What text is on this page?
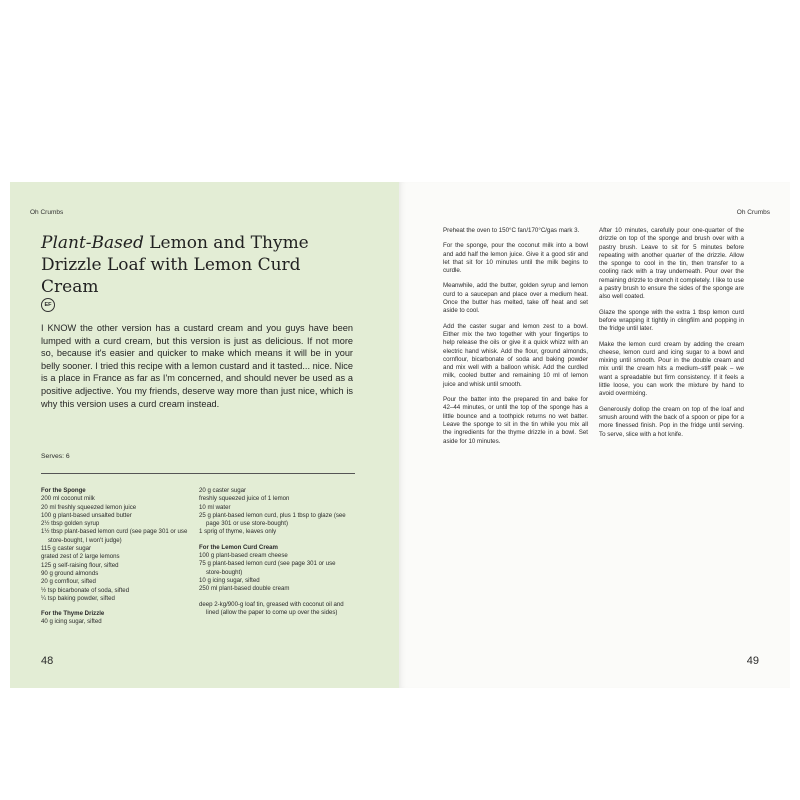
Oh Crumbs
Plant-Based Lemon and Thyme Drizzle Loaf with Lemon Curd Cream
EF

I KNOW the other version has a custard cream and you guys have been lumped with a curd cream, but this version is just as delicious. If not more so, because it's easier and quicker to make which means it will be in your belly sooner. I tried this recipe with a lemon custard and it tasted... nice. Nice is a place in France as far as I'm concerned, and should never be used as a positive adjective. You my friends, deserve way more than just nice, which is why this version uses a curd cream instead.

Serves: 6
For the Sponge
200 ml coconut milk
20 ml freshly squeezed lemon juice
100 g plant-based unsalted butter
2½ tbsp golden syrup
1½ tbsp plant-based lemon curd (see page 301 or use store-bought, I won't judge)
115 g caster sugar
grated zest of 2 large lemons
125 g self-raising flour, sifted
90 g ground almonds
20 g cornflour, sifted
½ tsp bicarbonate of soda, sifted
¼ tsp baking powder, sifted
For the Thyme Drizzle
40 g icing sugar, sifted
20 g caster sugar
freshly squeezed juice of 1 lemon
10 ml water
25 g plant-based lemon curd, plus 1 tbsp to glaze (see page 301 or use store-bought)
1 sprig of thyme, leaves only
For the Lemon Curd Cream
100 g plant-based cream cheese
75 g plant-based lemon curd (see page 301 or use store-bought)
10 g icing sugar, sifted
250 ml plant-based double cream
deep 2-kg/900-g loaf tin, greased with coconut oil and lined (allow the paper to come up over the sides)
48
Oh Crumbs

Preheat the oven to 150°C fan/170°C/gas mark 3.

For the sponge, pour the coconut milk into a bowl and add half the lemon juice. Give it a good stir and let that sit for 10 minutes until the milk begins to curdle.

Meanwhile, add the butter, golden syrup and lemon curd to a saucepan and place over a medium heat. Once the butter has melted, take off heat and set aside to cool.

Add the caster sugar and lemon zest to a bowl. Either mix the two together with your fingertips to help release the oils or give it a quick whizz with an electric hand whisk. Add the flour, ground almonds, cornflour, bicarbonate of soda and baking powder and mix well with a balloon whisk. Add the curdled milk, cooled butter and remaining 10 ml of lemon juice and whisk until smooth.

Pour the batter into the prepared tin and bake for 42–44 minutes, or until the top of the sponge has a little bounce and a toothpick returns no wet batter. Leave the sponge to sit in the tin while you mix all the ingredients for the thyme drizzle in a bowl. Set aside for 10 minutes.

After 10 minutes, carefully pour one-quarter of the drizzle on top of the sponge and brush over with a pastry brush. Leave to sit for 5 minutes before repeating with another quarter of the drizzle. Allow the sponge to cool in the tin, then transfer to a cooling rack with a tray underneath. Pour over the remaining drizzle to drench it completely. I like to use a pastry brush to ensure the sides of the sponge are also well coated.

Glaze the sponge with the extra 1 tbsp lemon curd before wrapping it tightly in clingfilm and popping in the fridge until later.

Make the lemon curd cream by adding the cream cheese, lemon curd and icing sugar to a bowl and mixing until smooth. Pour in the double cream and mix until the cream hits a medium–stiff peak – we want a spreadable but firm consistency. If it feels a little loose, you can work the mixture by hand to avoid overmixing.

Generously dollop the cream on top of the loaf and smush around with the back of a spoon or pipe for a more finessed finish. Pop in the fridge until serving. To serve, slice with a hot knife.

49
